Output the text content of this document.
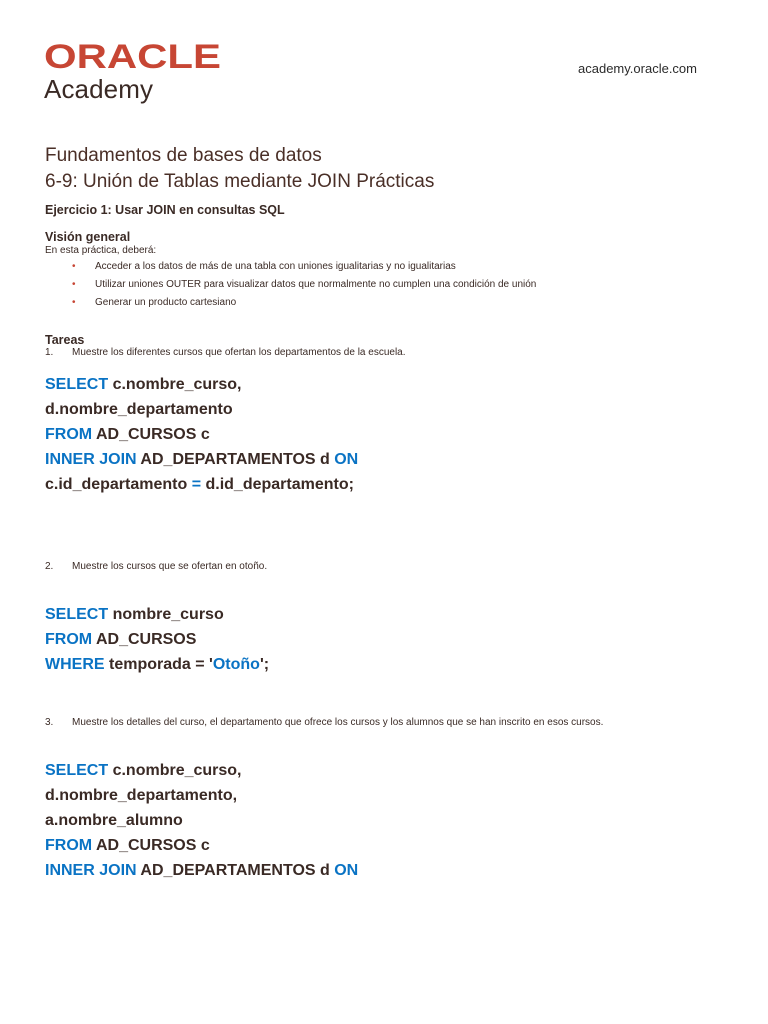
ORACLE
Academy
academy.oracle.com
Fundamentos de bases de datos
6-9: Unión de Tablas mediante JOIN Prácticas
Ejercicio 1: Usar JOIN en consultas SQL
Visión general
En esta práctica, deberá:
• Acceder a los datos de más de una tabla con uniones igualitarias y no igualitarias
• Utilizar uniones OUTER para visualizar datos que normalmente no cumplen una condición de unión
• Generar un producto cartesiano
Tareas
1. Muestre los diferentes cursos que ofertan los departamentos de la escuela.
SELECT c.nombre_curso,
d.nombre_departamento
FROM AD_CURSOS c
INNER JOIN AD_DEPARTAMENTOS d ON
c.id_departamento = d.id_departamento;
2. Muestre los cursos que se ofertan en otoño.
SELECT nombre_curso
FROM AD_CURSOS
WHERE temporada = 'Otoño';
3. Muestre los detalles del curso, el departamento que ofrece los cursos y los alumnos que se han inscrito en esos cursos.
SELECT c.nombre_curso,
d.nombre_departamento,
a.nombre_alumno
FROM AD_CURSOS c
INNER JOIN AD_DEPARTAMENTOS d ON
